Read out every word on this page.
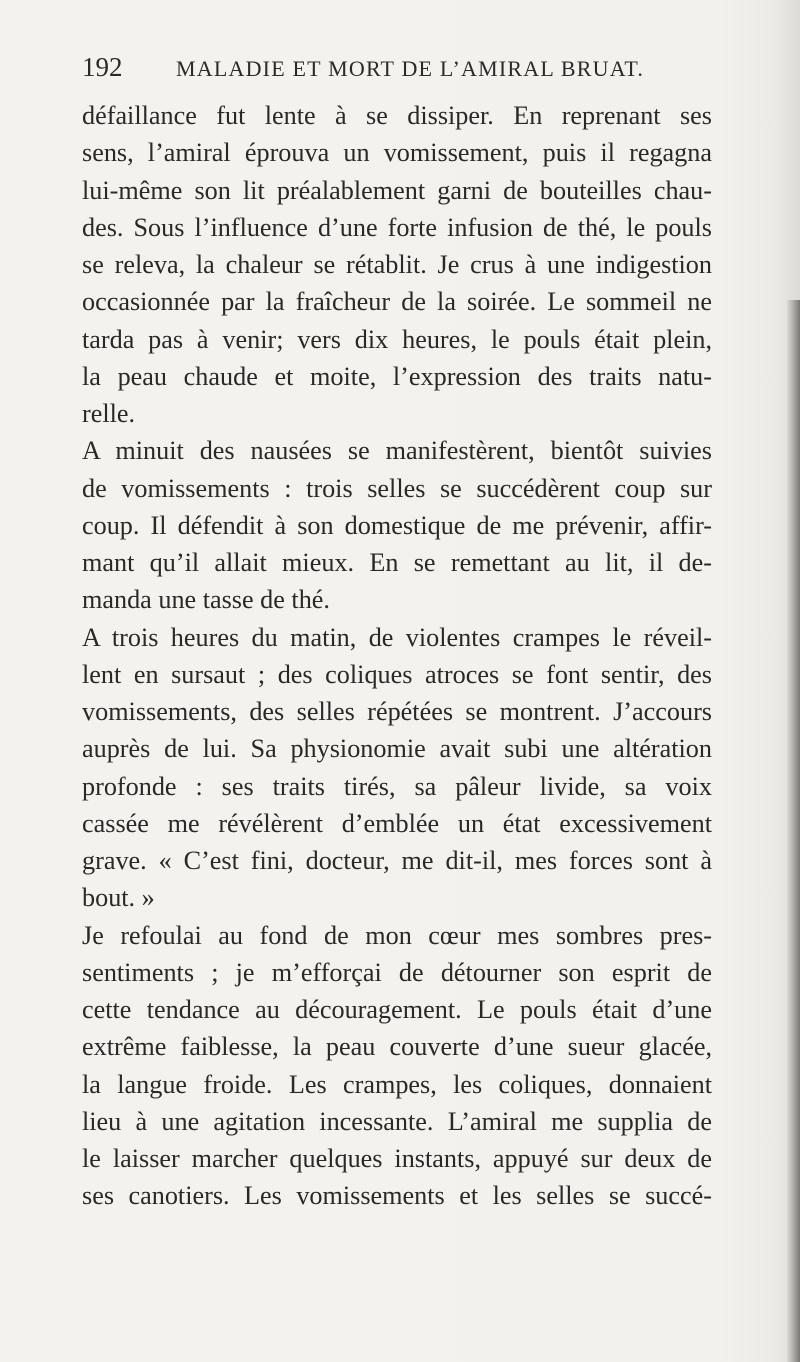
192 MALADIE ET MORT DE L’AMIRAL BRUAT.
défaillance fut lente à se dissiper. En reprenant ses
sens, l’amiral éprouva un vomissement, puis il regagna
lui-même son lit préalablement garni de bouteilles chau-
des. Sous l’influence d’une forte infusion de thé, le pouls
se releva, la chaleur se rétablit. Je crus à une indigestion
occasionnée par la fraîcheur de la soirée. Le sommeil ne
tarda pas à venir; vers dix heures, le pouls était plein,
la peau chaude et moite, l’expression des traits natu-
relle.
A minuit des nausées se manifestèrent, bientôt suivies
de vomissements : trois selles se succédèrent coup sur
coup. Il défendit à son domestique de me prévenir, affir-
mant qu’il allait mieux. En se remettant au lit, il de-
manda une tasse de thé.
A trois heures du matin, de violentes crampes le réveil-
lent en sursaut ; des coliques atroces se font sentir, des
vomissements, des selles répétées se montrent. J’accours
auprès de lui. Sa physionomie avait subi une altération
profonde : ses traits tirés, sa pâleur livide, sa voix
cassée me révélèrent d’emblée un état excessivement
grave. « C’est fini, docteur, me dit-il, mes forces sont à
bout. »
Je refoulai au fond de mon cœur mes sombres pres-
sentiments ; je m’efforçai de détourner son esprit de
cette tendance au découragement. Le pouls était d’une
extrême faiblesse, la peau couverte d’une sueur glacée,
la langue froide. Les crampes, les coliques, donnaient
lieu à une agitation incessante. L’amiral me supplia de
le laisser marcher quelques instants, appuyé sur deux de
ses canotiers. Les vomissements et les selles se succé-
